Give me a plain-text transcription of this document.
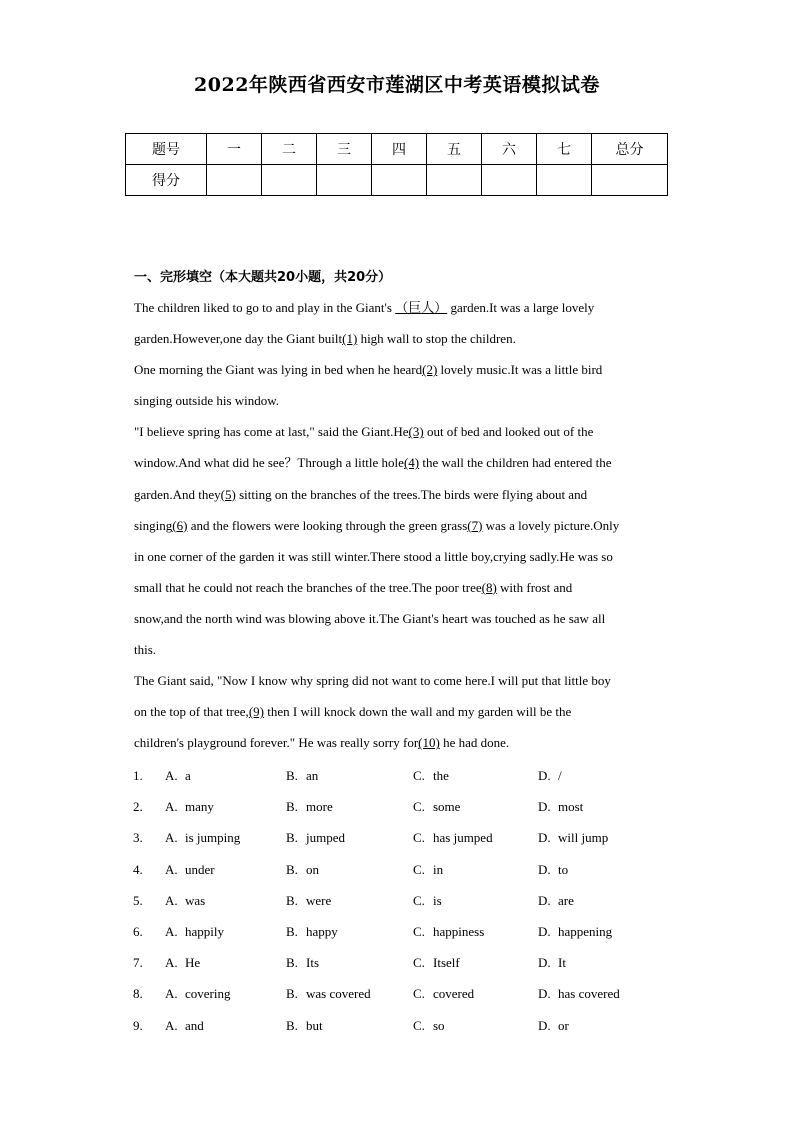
2022年陕西省西安市莲湖区中考英语模拟试卷
题号	一	二	三	四	五	六	七	总分
得分								
一、完形填空（本大题共20小题，共20分）
The children liked to go to and play in the Giant's （巨人） garden.It was a large lovely
garden.However,one day the Giant built(1) high wall to stop the children.
One morning the Giant was lying in bed when he heard(2) lovely music.It was a little bird
singing outside his window.
"I believe spring has come at last," said the Giant.He(3) out of bed and looked out of the
window.And what did he see？Through a little hole(4) the wall the children had entered the
garden.And they(5) sitting on the branches of the trees.The birds were flying about and
singing(6) and the flowers were looking through the green grass(7) was a lovely picture.Only
in one corner of the garden it was still winter.There stood a little boy,crying sadly.He was so
small that he could not reach the branches of the tree.The poor tree(8) with frost and
snow,and the north wind was blowing above it.The Giant's heart was touched as he saw all
this.
The Giant said, "Now I know why spring did not want to come here.I will put that little boy
on the top of that tree,(9) then I will knock down the wall and my garden will be the
children's playground forever." He was really sorry for(10) he had done.
1. A. a	B. an	C. the	D. /
2. A. many	B. more	C. some	D. most
3. A. is jumping	B. jumped	C. has jumped	D. will jump
4. A. under	B. on	C. in	D. to
5. A. was	B. were	C. is	D. are
6. A. happily	B. happy	C. happiness	D. happening
7. A. He	B. Its	C. Itself	D. It
8. A. covering	B. was covered	C. covered	D. has covered
9. A. and	B. but	C. so	D. or
